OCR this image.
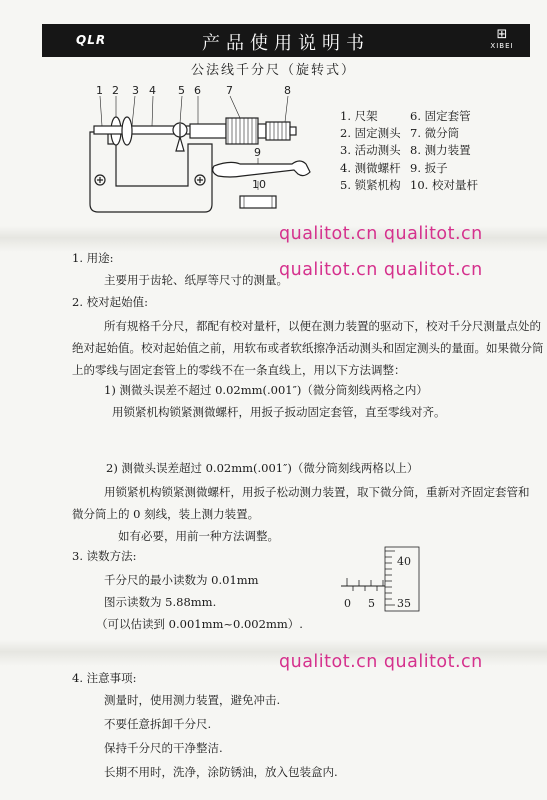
QLR	产品使用说明书	⊞
XIBEI
公法线千分尺（旋转式）
1 2 3 4 5 6 7	8
9
10
1. 尺架	6. 固定套管
2. 固定测头 7. 微分筒
3. 活动测头 8. 测力装置
4. 测微螺杆 9. 扳子
5. 锁紧机构 10. 校对量杆
qualitot.cn qualitot.cn
qualitot.cn qualitot.cn
qualitot.cn qualitot.cn
1. 用途:
主要用于齿轮、纸厚等尺寸的测量。
2. 校对起始值:
所有规格千分尺，都配有校对量杆，以便在测力装置的驱动下，校对千分尺测量点处的
绝对起始值。校对起始值之前，用软布或者软纸擦净活动测头和固定测头的量面。如果微分筒
上的零线与固定套管上的零线不在一条直线上，用以下方法调整：
1) 测微头误差不超过 0.02mm(.001″)（微分筒刻线两格之内）
用锁紧机构锁紧测微螺杆，用扳子扳动固定套管，直至零线对齐。
2) 测微头误差超过 0.02mm(.001″)（微分筒刻线两格以上）
用锁紧机构锁紧测微螺杆，用扳子松动测力装置，取下微分筒，重新对齐固定套管和
微分筒上的 0 刻线，装上测力装置。
如有必要，用前一种方法调整。
3. 读数方法:
千分尺的最小读数为 0.01mm
图示读数为 5.88mm.
（可以估读到 0.001mm~0.002mm）.
4. 注意事项:
测量时，使用测力装置，避免冲击.
不要任意拆卸千分尺.
保持千分尺的干净整洁.
长期不用时，洗净，涂防锈油，放入包装盒内.
40
35
0 5
